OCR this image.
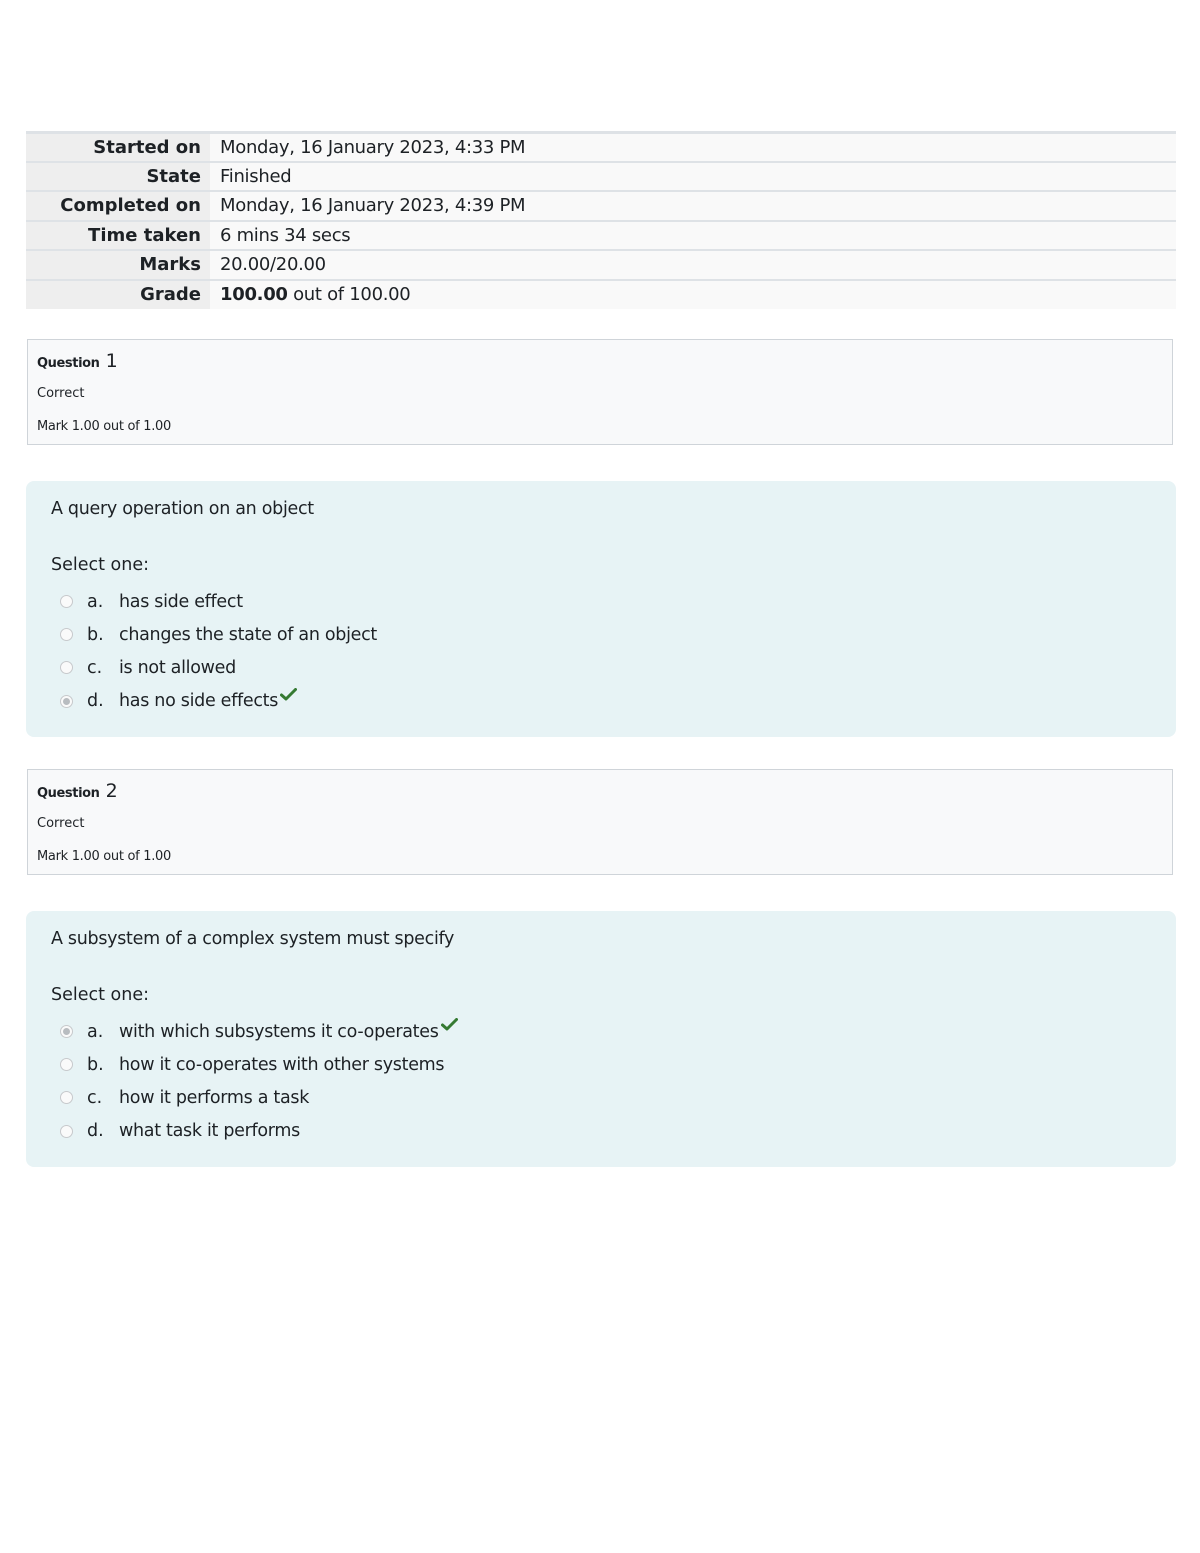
Started on	Monday, 16 January 2023, 4:33 PM
State	Finished
Completed on	Monday, 16 January 2023, 4:39 PM
Time taken	6 mins 34 secs
Marks	20.00/20.00
Grade	100.00 out of 100.00
Question 1
Correct
Mark 1.00 out of 1.00
A query operation on an object
Select one:
a. has side effect
b. changes the state of an object
c. is not allowed
d. has no side effects
Question 2
Correct
Mark 1.00 out of 1.00
A subsystem of a complex system must specify
Select one:
a. with which subsystems it co-operates
b. how it co-operates with other systems
c. how it performs a task
d. what task it performs
